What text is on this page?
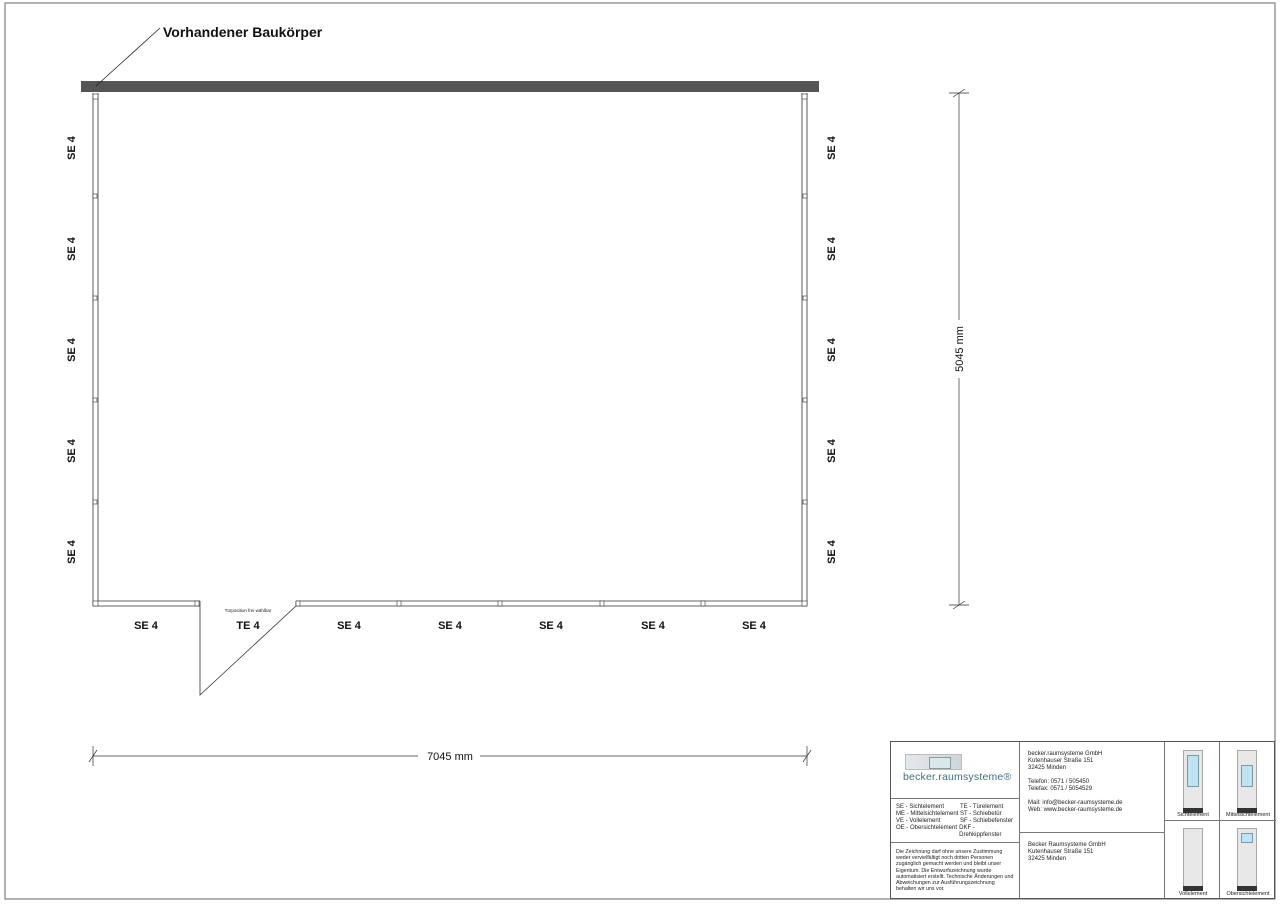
Vorhandener Baukörper
Türposition frei wählbar
SE 4
SE 4
SE 4
SE 4
SE 4
SE 4
SE 4
SE 4
SE 4
SE 4
SE 4	TE 4	SE 4	SE 4	SE 4	SE 4	SE 4
7045 mm
5045 mm
becker.raumsysteme®
SE - Sichtelement	TE - Türelement
ME - Mittelsichtelement ST - Schiebetür
VE - Vollelement	SF - Schiebefenster
OE - Obersichtelement DKF - Drehkippfenster
Die Zeichnung darf ohne unsere Zustimmung weder vervielfältigt noch dritten Personen zugänglich gemacht werden und bleibt unser Eigentum. Die Entwurfszeichnung wurde automatisiert erstellt. Technische Änderungen und Abweichungen zur Ausführungszeichnung behalten wir uns vor.
becker.raumsysteme GmbH
Kutenhauser Straße 151
32425 Minden
Telefon: 0571 / 505450
Telefax: 0571 / 5054529
Mail: info@becker-raumsysteme.de
Web: www.becker-raumsysteme.de
Becker Raumsysteme GmbH
Kutenhauser Straße 151
32425 Minden
Sichtelement	Mittelsichtelement
Vollelement	Obersichtelement
